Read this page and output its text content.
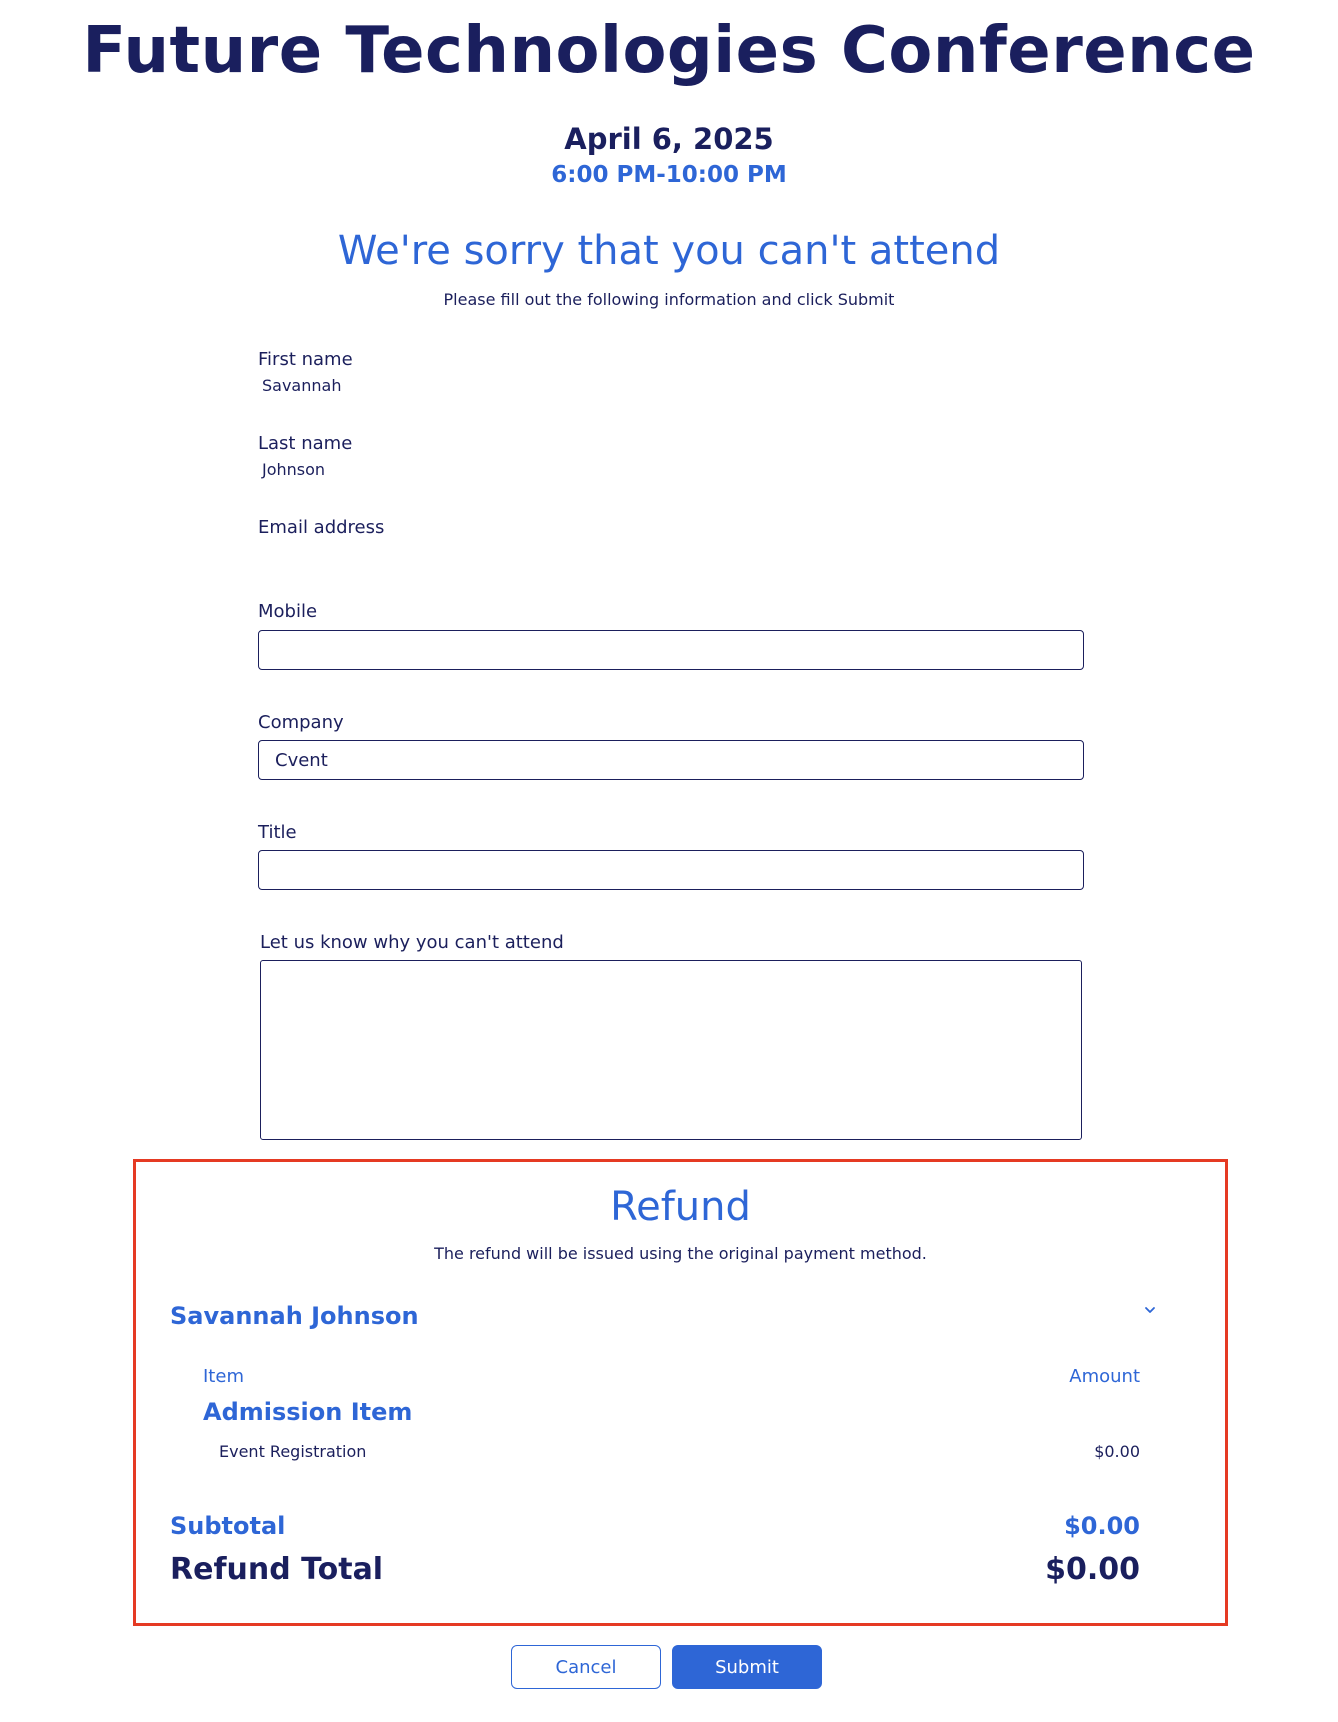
Future Technologies Conference
April 6, 2025
6:00 PM-10:00 PM
We're sorry that you can't attend
Please fill out the following information and click Submit
First name
Savannah
Last name
Johnson
Email address
Mobile
Company
Cvent
Title
Let us know why you can't attend
Refund
The refund will be issued using the original payment method.
Savannah Johnson
Item	Amount
Admission Item
Event Registration	$0.00
Subtotal	$0.00
Refund Total	$0.00
Cancel	Submit
